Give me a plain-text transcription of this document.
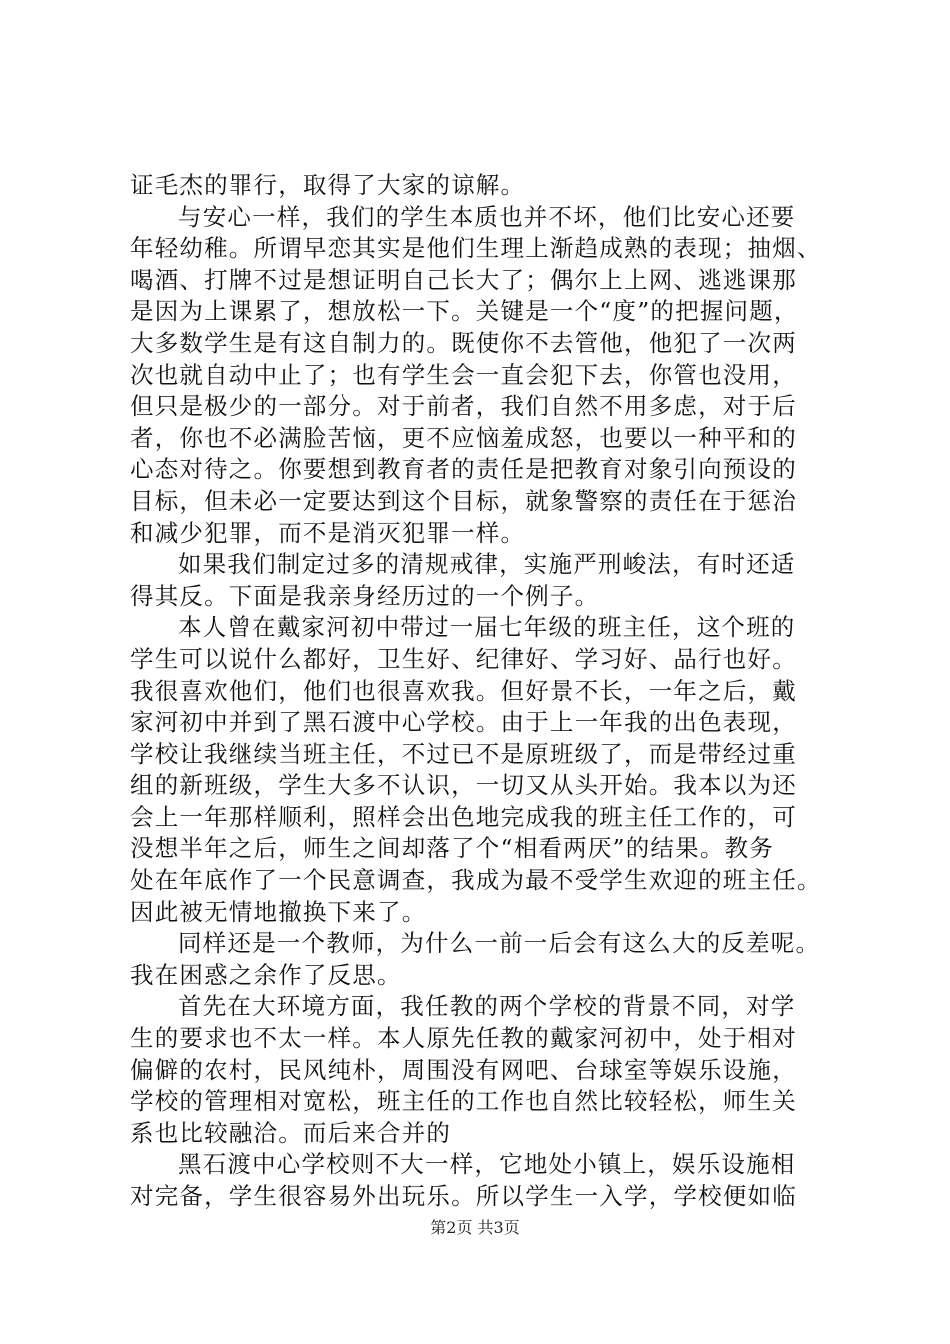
证毛杰的罪行，取得了大家的谅解。
与安心一样，我们的学生本质也并不坏，他们比安心还要
年轻幼稚。所谓早恋其实是他们生理上渐趋成熟的表现；抽烟、
喝酒、打牌不过是想证明自己长大了；偶尔上上网、逃逃课那
是因为上课累了，想放松一下。关键是一个“度”的把握问题，
大多数学生是有这自制力的。既使你不去管他，他犯了一次两
次也就自动中止了；也有学生会一直会犯下去，你管也没用，
但只是极少的一部分。对于前者，我们自然不用多虑，对于后
者，你也不必满脸苦恼，更不应恼羞成怒，也要以一种平和的
心态对待之。你要想到教育者的责任是把教育对象引向预设的
目标，但未必一定要达到这个目标，就象警察的责任在于惩治
和减少犯罪，而不是消灭犯罪一样。
如果我们制定过多的清规戒律，实施严刑峻法，有时还适
得其反。下面是我亲身经历过的一个例子。
本人曾在戴家河初中带过一届七年级的班主任，这个班的
学生可以说什么都好，卫生好、纪律好、学习好、品行也好。
我很喜欢他们，他们也很喜欢我。但好景不长，一年之后，戴
家河初中并到了黑石渡中心学校。由于上一年我的出色表现，
学校让我继续当班主任，不过已不是原班级了，而是带经过重
组的新班级，学生大多不认识，一切又从头开始。我本以为还
会上一年那样顺利，照样会出色地完成我的班主任工作的，可
没想半年之后，师生之间却落了个“相看两厌”的结果。教务
处在年底作了一个民意调查，我成为最不受学生欢迎的班主任。
因此被无情地撤换下来了。
同样还是一个教师，为什么一前一后会有这么大的反差呢。
我在困惑之余作了反思。
首先在大环境方面，我任教的两个学校的背景不同，对学
生的要求也不太一样。本人原先任教的戴家河初中，处于相对
偏僻的农村，民风纯朴，周围没有网吧、台球室等娱乐设施，
学校的管理相对宽松，班主任的工作也自然比较轻松，师生关
系也比较融洽。而后来合并的
黑石渡中心学校则不大一样，它地处小镇上，娱乐设施相
对完备，学生很容易外出玩乐。所以学生一入学，学校便如临
第2页 共3页
